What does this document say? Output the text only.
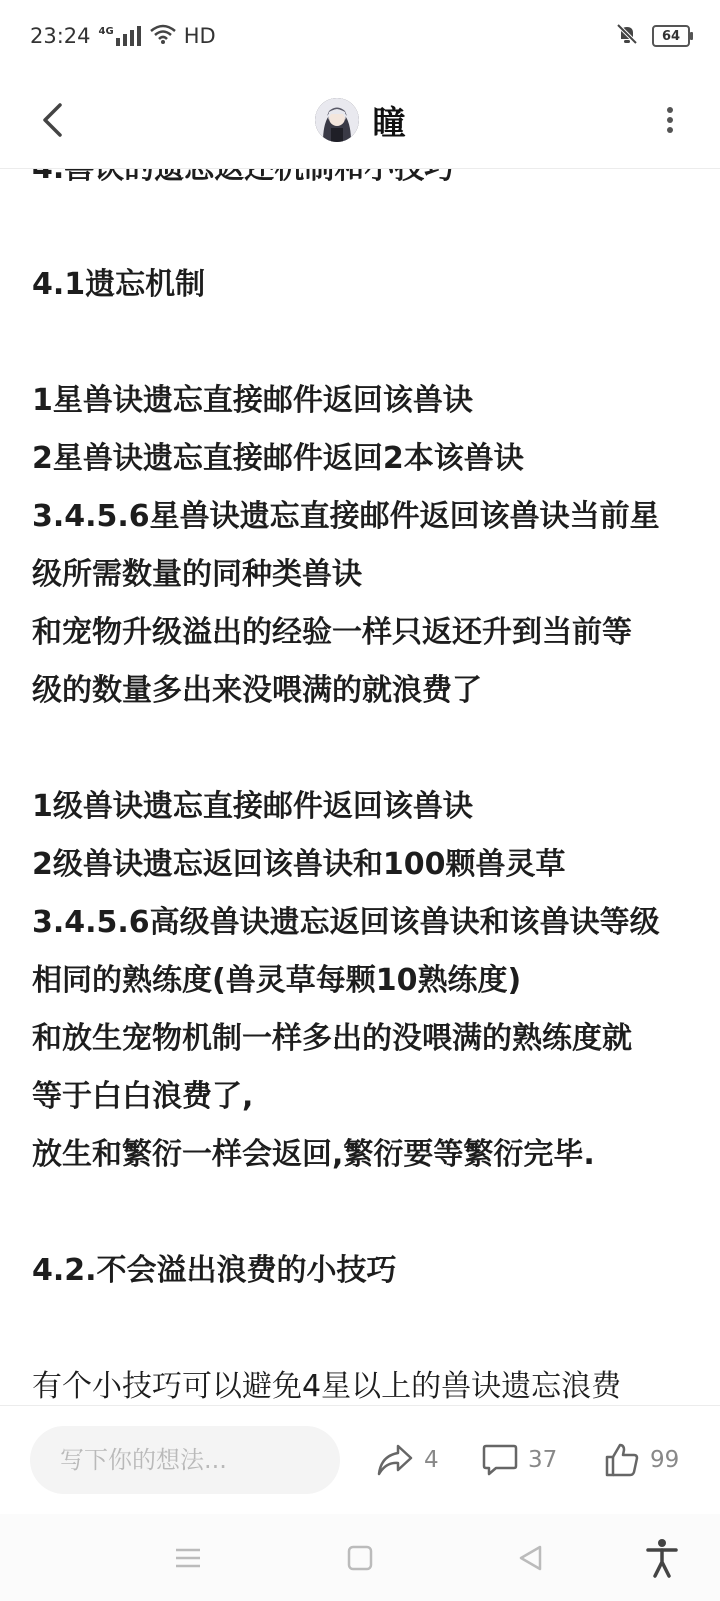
23:24 4G	HD	64
瞳

4.1遗忘机制

1星兽诀遗忘直接邮件返回该兽诀

2星兽诀遗忘直接邮件返回2本该兽诀

3.4.5.6星兽诀遗忘直接邮件返回该兽诀当前星

级所需数量的同种类兽诀

和宠物升级溢出的经验一样只返还升到当前等

级的数量多出来没喂满的就浪费了

1级兽诀遗忘直接邮件返回该兽诀

2级兽诀遗忘返回该兽诀和100颗兽灵草

3.4.5.6高级兽诀遗忘返回该兽诀和该兽诀等级

相同的熟练度(兽灵草每颗10熟练度)

和放生宠物机制一样多出的没喂满的熟练度就

等于白白浪费了,

放生和繁衍一样会返回,繁衍要等繁衍完毕.

4.2.不会溢出浪费的小技巧

有个小技巧可以避免4星以上的兽诀遗忘浪费

写下你的想法...
4	37	99
